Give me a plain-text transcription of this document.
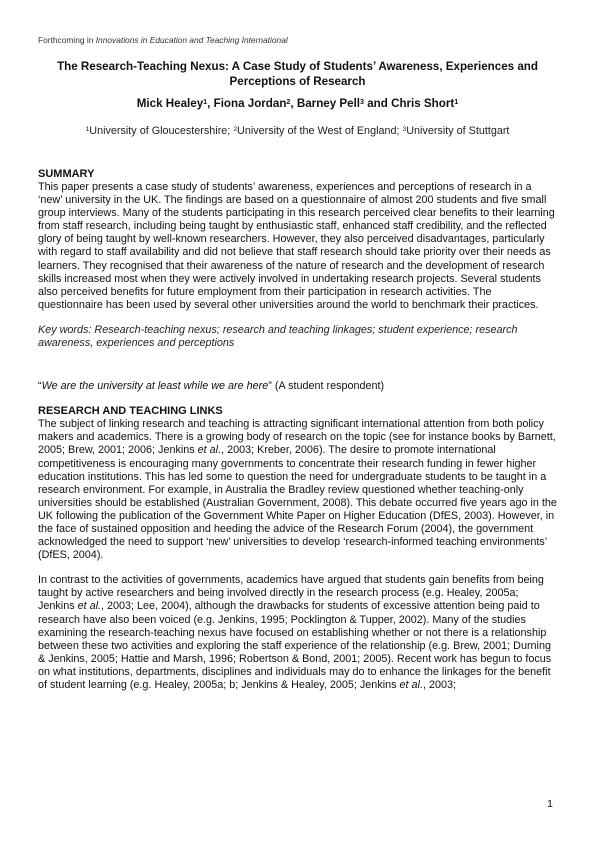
Forthcoming in Innovations in Education and Teaching International
The Research-Teaching Nexus: A Case Study of Students’ Awareness, Experiences and Perceptions of Research
Mick Healey$^1$, Fiona Jordan$^2$, Barney Pell$^3$ and Chris Short$^1$
$^1$University of Gloucestershire; $^2$University of the West of England; $^3$University of Stuttgart
SUMMARY

This paper presents a case study of students’ awareness, experiences and perceptions of research in a ‘new’ university in the UK. The findings are based on a questionnaire of almost 200 students and five small group interviews. Many of the students participating in this research perceived clear benefits to their learning from staff research, including being taught by enthusiastic staff, enhanced staff credibility, and the reflected glory of being taught by well-known researchers. However, they also perceived disadvantages, particularly with regard to staff availability and did not believe that staff research should take priority over their needs as learners. They recognised that their awareness of the nature of research and the development of research skills increased most when they were actively involved in undertaking research projects. Several students also perceived benefits for future employment from their participation in research activities. The questionnaire has been used by several other universities around the world to benchmark their practices.

Key words: Research-teaching nexus; research and teaching linkages; student experience; research awareness, experiences and perceptions

“We are the university at least while we are here” (A student respondent)

RESEARCH AND TEACHING LINKS

The subject of linking research and teaching is attracting significant international attention from both policy makers and academics. There is a growing body of research on the topic (see for instance books by Barnett, 2005; Brew, 2001; 2006; Jenkins et al., 2003; Kreber, 2006). The desire to promote international competitiveness is encouraging many governments to concentrate their research funding in fewer higher education institutions. This has led some to question the need for undergraduate students to be taught in a research environment. For example, in Australia the Bradley review questioned whether teaching-only universities should be established (Australian Government, 2008). This debate occurred five years ago in the UK following the publication of the Government White Paper on Higher Education (DfES, 2003). However, in the face of sustained opposition and heeding the advice of the Research Forum (2004), the government acknowledged the need to support ‘new’ universities to develop ‘research-informed teaching environments’ (DfES, 2004).

In contrast to the activities of governments, academics have argued that students gain benefits from being taught by active researchers and being involved directly in the research process (e.g. Healey, 2005a; Jenkins et al., 2003; Lee, 2004), although the drawbacks for students of excessive attention being paid to research have also been voiced (e.g. Jenkins, 1995; Pocklington & Tupper, 2002). Many of the studies examining the research-teaching nexus have focused on establishing whether or not there is a relationship between these two activities and exploring the staff experience of the relationship (e.g. Brew, 2001; Durning & Jenkins, 2005; Hattie and Marsh, 1996; Robertson & Bond, 2001; 2005). Recent work has begun to focus on what institutions, departments, disciplines and individuals may do to enhance the linkages for the benefit of student learning (e.g. Healey, 2005a; b; Jenkins & Healey, 2005; Jenkins et al., 2003;

1
